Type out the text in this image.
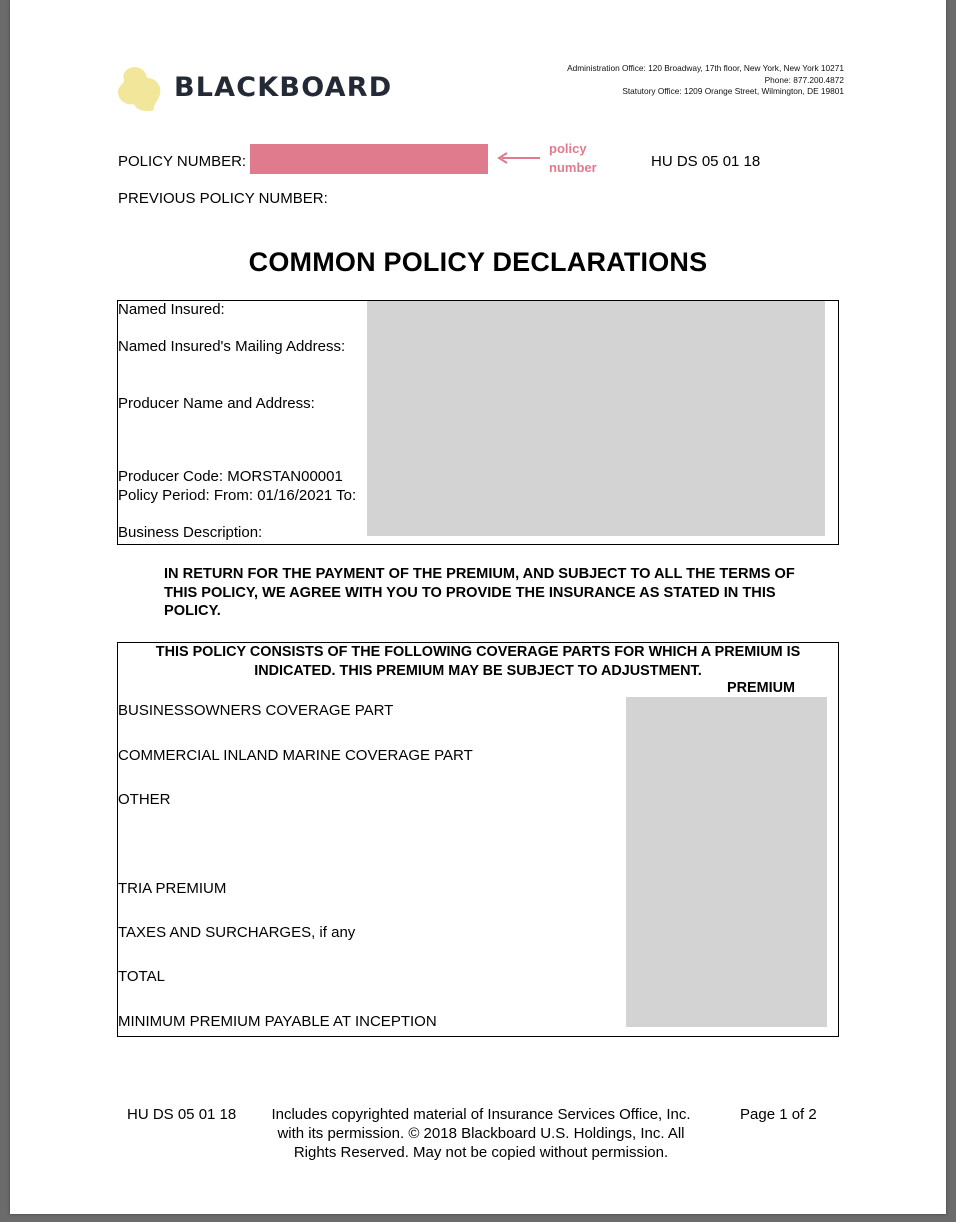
BLACKBOARD
Administration Office: 120 Broadway, 17th floor, New York, New York 10271
Phone: 877.200.4872
Statutory Office: 1209 Orange Street, Wilmington, DE 19801
POLICY NUMBER:
policy
number	HU DS 05 01 18
PREVIOUS POLICY NUMBER:
COMMON POLICY DECLARATIONS
Named Insured:
Named Insured's Mailing Address:
Producer Name and Address:
Producer Code: MORSTAN00001
Policy Period: From: 01/16/2021 To:
Business Description:
IN RETURN FOR THE PAYMENT OF THE PREMIUM, AND SUBJECT TO ALL THE TERMS OF THIS POLICY, WE AGREE WITH YOU TO PROVIDE THE INSURANCE AS STATED IN THIS POLICY.
THIS POLICY CONSISTS OF THE FOLLOWING COVERAGE PARTS FOR WHICH A PREMIUM IS INDICATED. THIS PREMIUM MAY BE SUBJECT TO ADJUSTMENT.
PREMIUM
BUSINESSOWNERS COVERAGE PART
COMMERCIAL INLAND MARINE COVERAGE PART
OTHER
TRIA PREMIUM
TAXES AND SURCHARGES, if any
TOTAL
MINIMUM PREMIUM PAYABLE AT INCEPTION
HU DS 05 01 18	Includes copyrighted material of Insurance Services Office, Inc. with its permission. © 2018 Blackboard U.S. Holdings, Inc. All Rights Reserved. May not be copied without permission.
Page 1 of 2
